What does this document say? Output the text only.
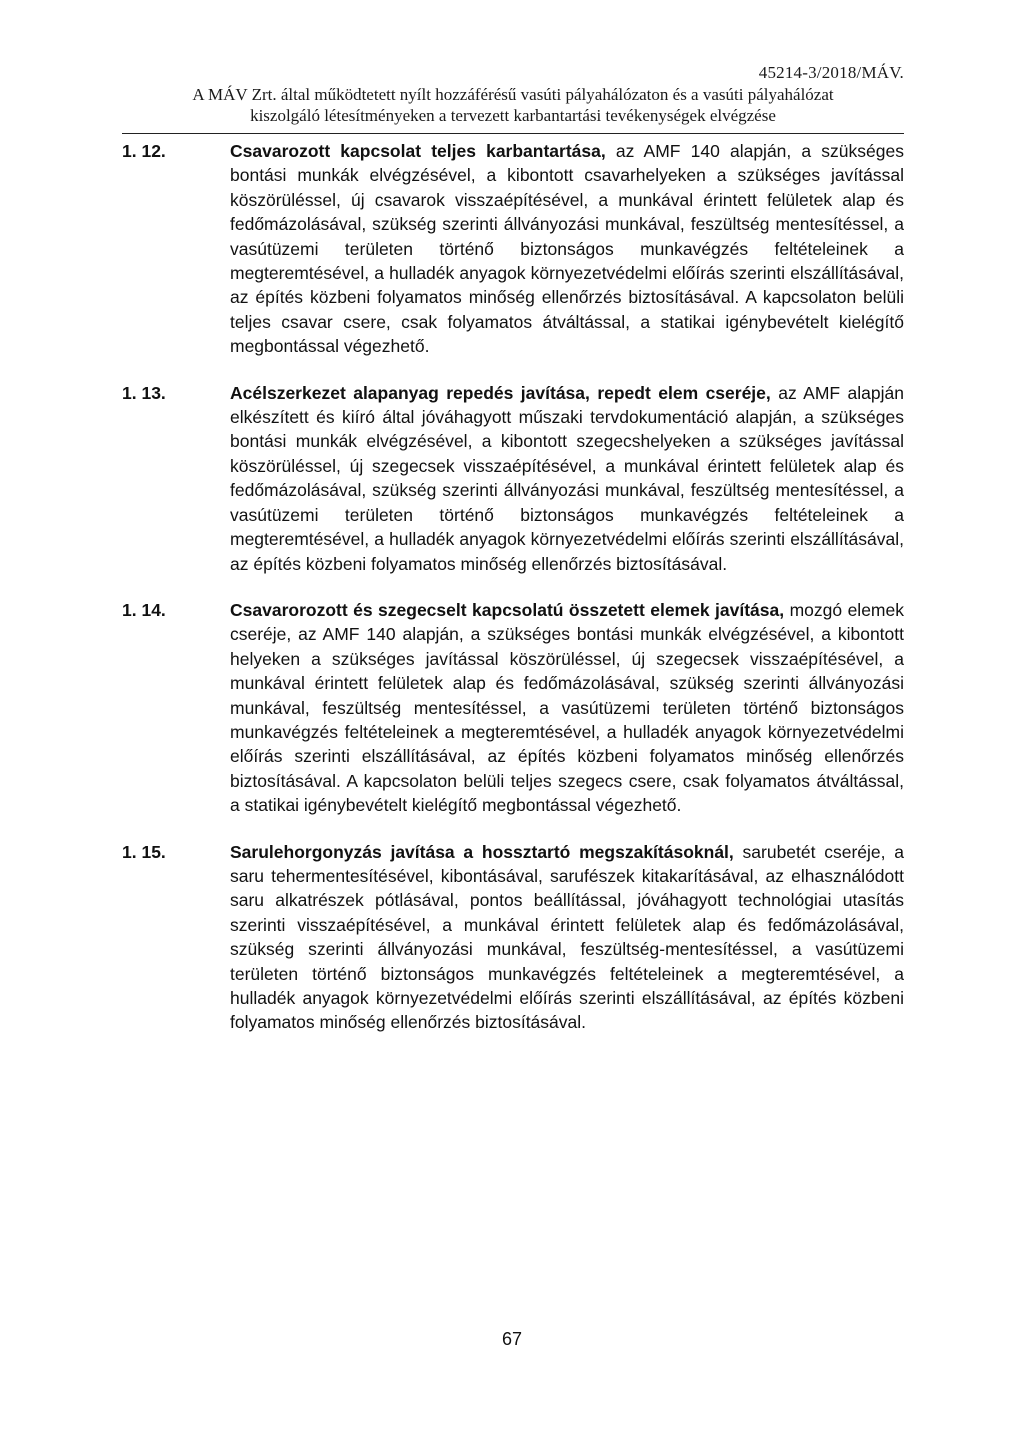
45214-3/2018/MÁV.
A MÁV Zrt. által működtetett nyílt hozzáférésű vasúti pályahálózaton és a vasúti pályahálózat
kiszolgáló létesítményeken a tervezett karbantartási tevékenységek elvégzése
1. 12.	Csavarozott kapcsolat teljes karbantartása, az AMF 140 alapján, a szükséges bontási munkák elvégzésével, a kibontott csavarhelyeken a szükséges javítással köszörüléssel, új csavarok visszaépítésével, a munkával érintett felületek alap és fedőmázolásával, szükség szerinti állványozási munkával, feszültség mentesítéssel, a vasútüzemi területen történő biztonságos munkavégzés feltételeinek a megteremtésével, a hulladék anyagok környezetvédelmi előírás szerinti elszállításával, az építés közbeni folyamatos minőség ellenőrzés biztosításával. A kapcsolaton belüli teljes csavar csere, csak folyamatos átváltással, a statikai igénybevételt kielégítő megbontással végezhető.
1. 13.	Acélszerkezet alapanyag repedés javítása, repedt elem cseréje, az AMF alapján elkészített és kiíró által jóváhagyott műszaki tervdokumentáció alapján, a szükséges bontási munkák elvégzésével, a kibontott szegecshelyeken a szükséges javítással köszörüléssel, új szegecsek visszaépítésével, a munkával érintett felületek alap és fedőmázolásával, szükség szerinti állványozási munkával, feszültség mentesítéssel, a vasútüzemi területen történő biztonságos munkavégzés feltételeinek a megteremtésével, a hulladék anyagok környezetvédelmi előírás szerinti elszállításával, az építés közbeni folyamatos minőség ellenőrzés biztosításával.
1. 14.	Csavarorozott és szegecselt kapcsolatú összetett elemek javítása, mozgó elemek cseréje, az AMF 140 alapján, a szükséges bontási munkák elvégzésével, a kibontott helyeken a szükséges javítással köszörüléssel, új szegecsek visszaépítésével, a munkával érintett felületek alap és fedőmázolásával, szükség szerinti állványozási munkával, feszültség mentesítéssel, a vasútüzemi területen történő biztonságos munkavégzés feltételeinek a megteremtésével, a hulladék anyagok környezetvédelmi előírás szerinti elszállításával, az építés közbeni folyamatos minőség ellenőrzés biztosításával. A kapcsolaton belüli teljes szegecs csere, csak folyamatos átváltással, a statikai igénybevételt kielégítő megbontással végezhető.
1. 15.	Sarulehorgonyzás javítása a hossztartó megszakításoknál, sarubetét cseréje, a saru tehermentesítésével, kibontásával, sarufészek kitakarításával, az elhasználódott saru alkatrészek pótlásával, pontos beállítással, jóváhagyott technológiai utasítás szerinti visszaépítésével, a munkával érintett felületek alap és fedőmázolásával, szükség szerinti állványozási munkával, feszültség-mentesítéssel, a vasútüzemi területen történő biztonságos munkavégzés feltételeinek a megteremtésével, a hulladék anyagok környezetvédelmi előírás szerinti elszállításával, az építés közbeni folyamatos minőség ellenőrzés biztosításával.
67
